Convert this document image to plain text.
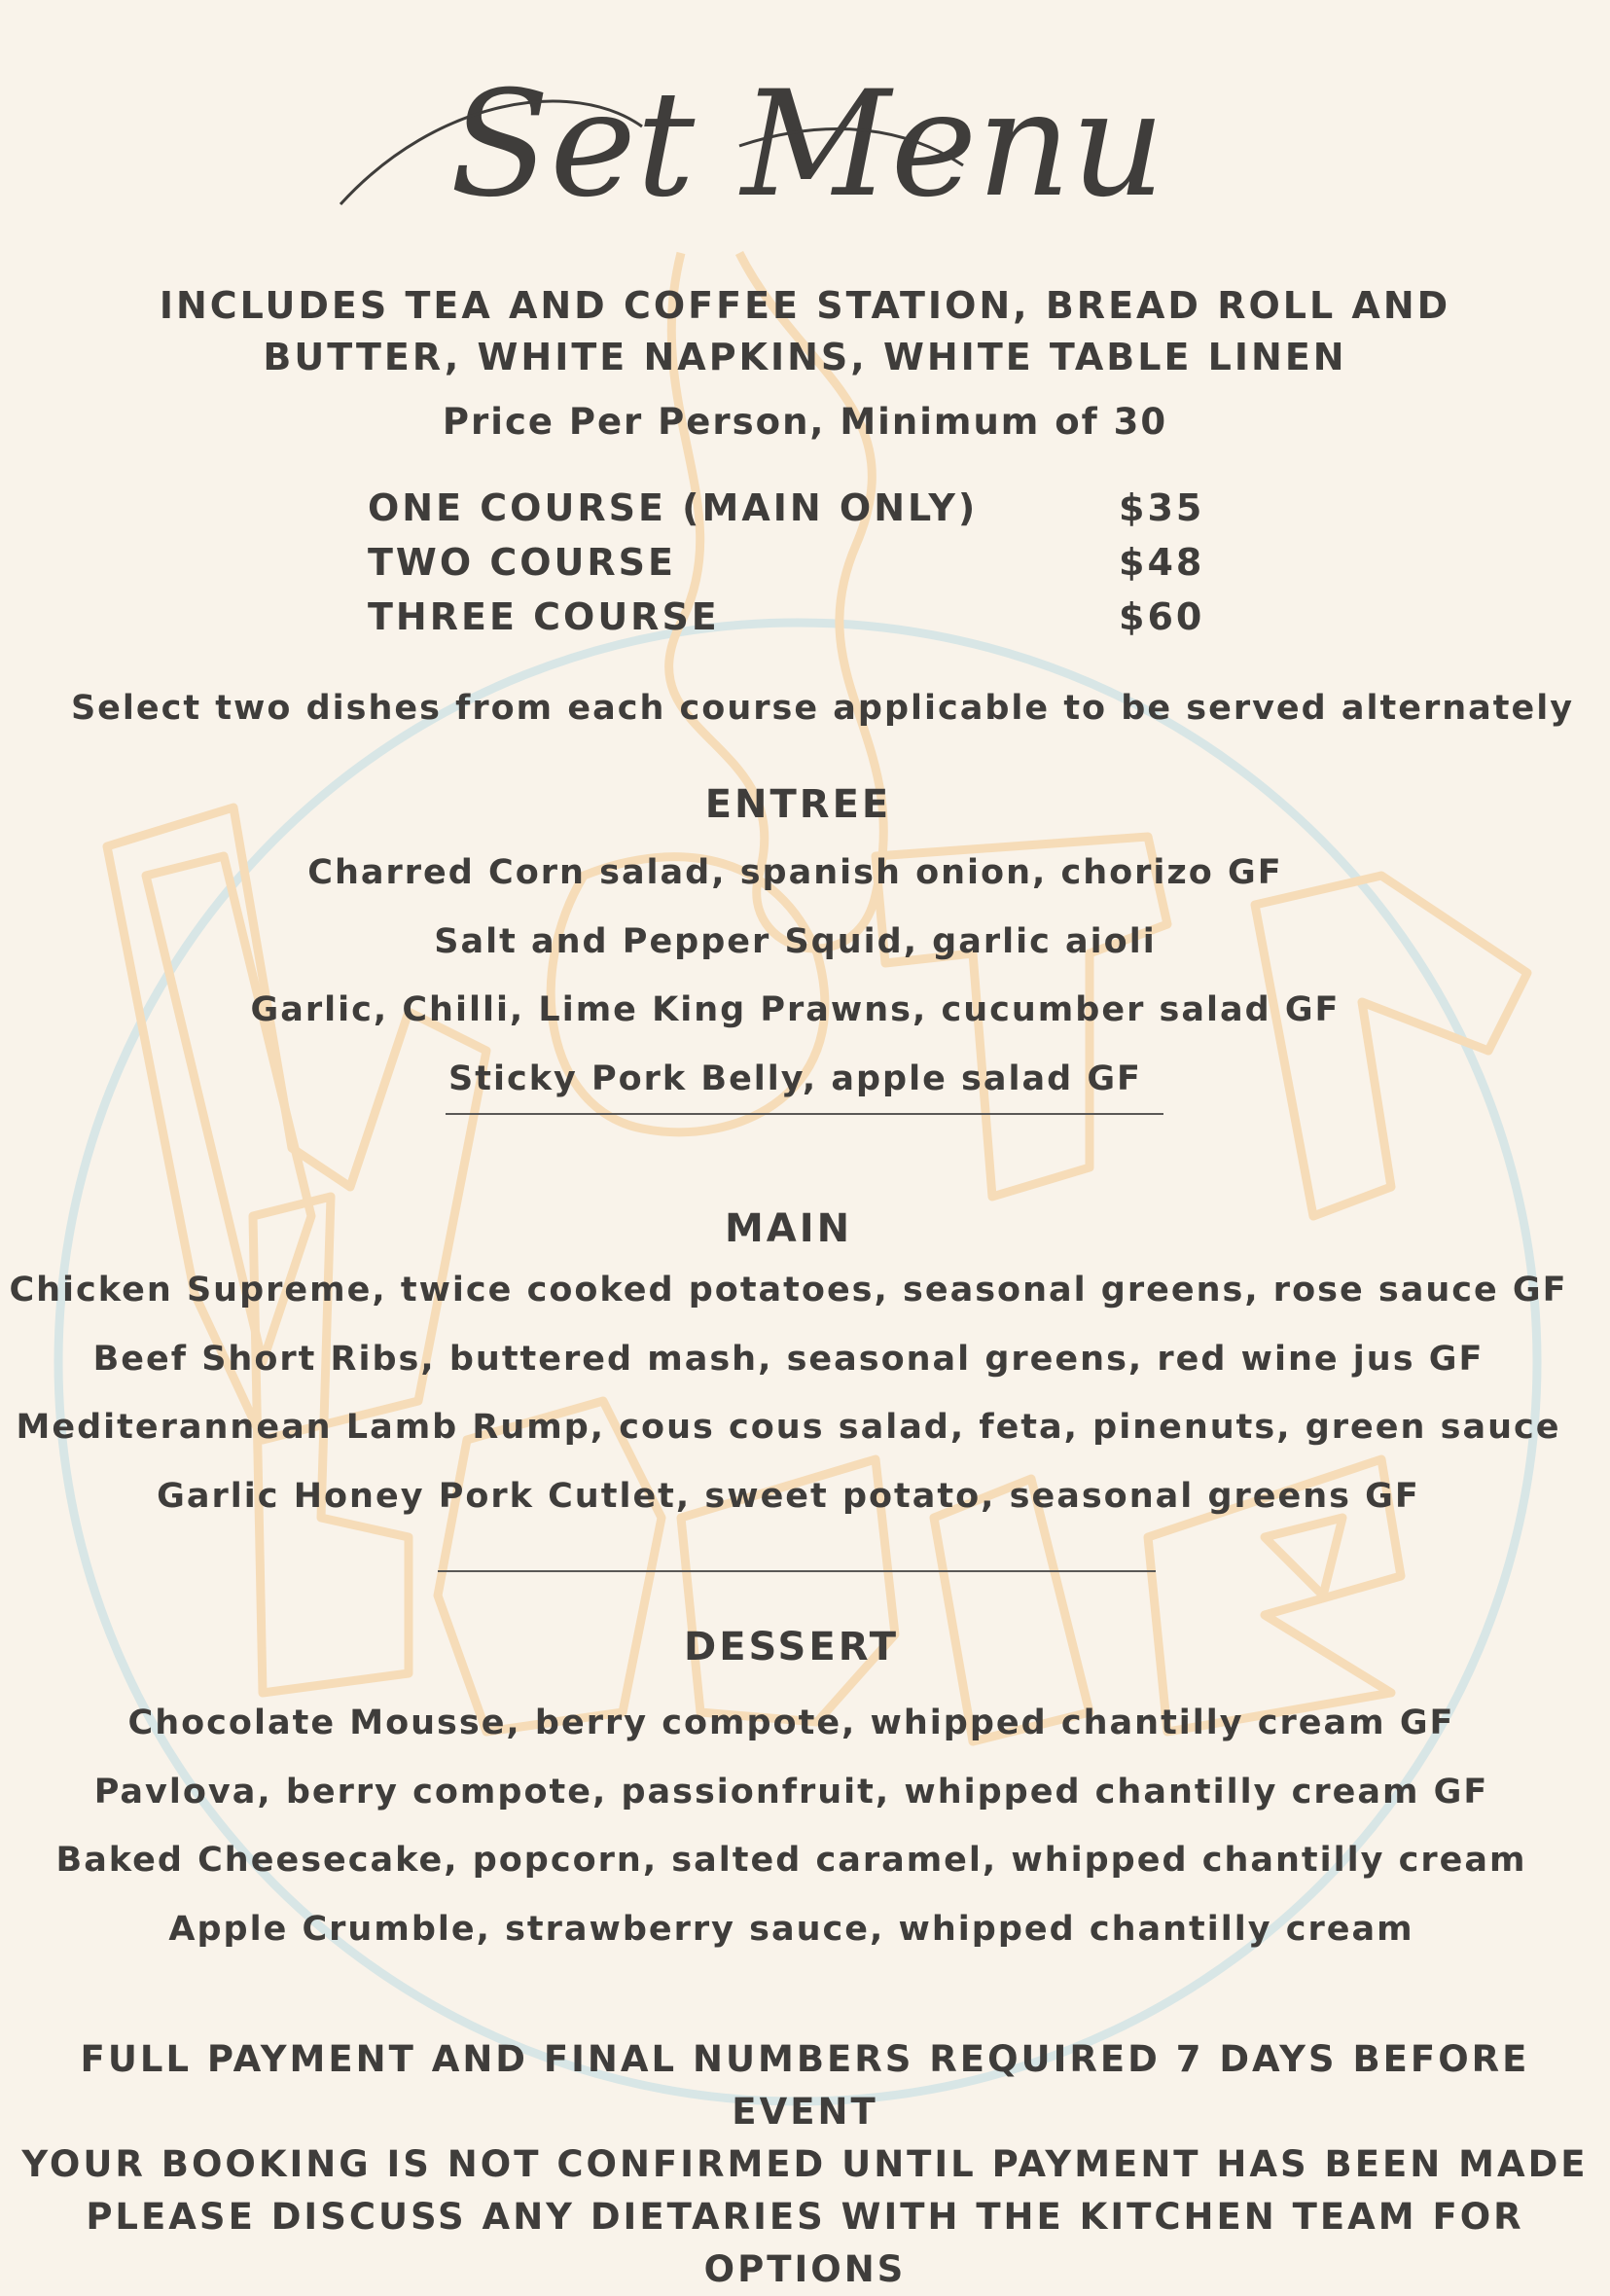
Set Menu
INCLUDES TEA AND COFFEE STATION, BREAD ROLL AND
BUTTER, WHITE NAPKINS, WHITE TABLE LINEN
Price Per Person, Minimum of 30
ONE COURSE (MAIN ONLY)	$35
TWO COURSE	$48
THREE COURSE	$60
Select two dishes from each course applicable to be served alternately
ENTREE
Charred Corn salad, spanish onion, chorizo GF
Salt and Pepper Squid, garlic aioli
Garlic, Chilli, Lime King Prawns, cucumber salad GF
Sticky Pork Belly, apple salad GF
MAIN
Chicken Supreme, twice cooked potatoes, seasonal greens, rose sauce GF
Beef Short Ribs, buttered mash, seasonal greens, red wine jus GF
Mediterannean Lamb Rump, cous cous salad, feta, pinenuts, green sauce
Garlic Honey Pork Cutlet, sweet potato, seasonal greens GF
DESSERT
Chocolate Mousse, berry compote, whipped chantilly cream GF
Pavlova, berry compote, passionfruit, whipped chantilly cream GF
Baked Cheesecake, popcorn, salted caramel, whipped chantilly cream
Apple Crumble, strawberry sauce, whipped chantilly cream
FULL PAYMENT AND FINAL NUMBERS REQUIRED 7 DAYS BEFORE EVENT
YOUR BOOKING IS NOT CONFIRMED UNTIL PAYMENT HAS BEEN MADE
PLEASE DISCUSS ANY DIETARIES WITH THE KITCHEN TEAM FOR OPTIONS
